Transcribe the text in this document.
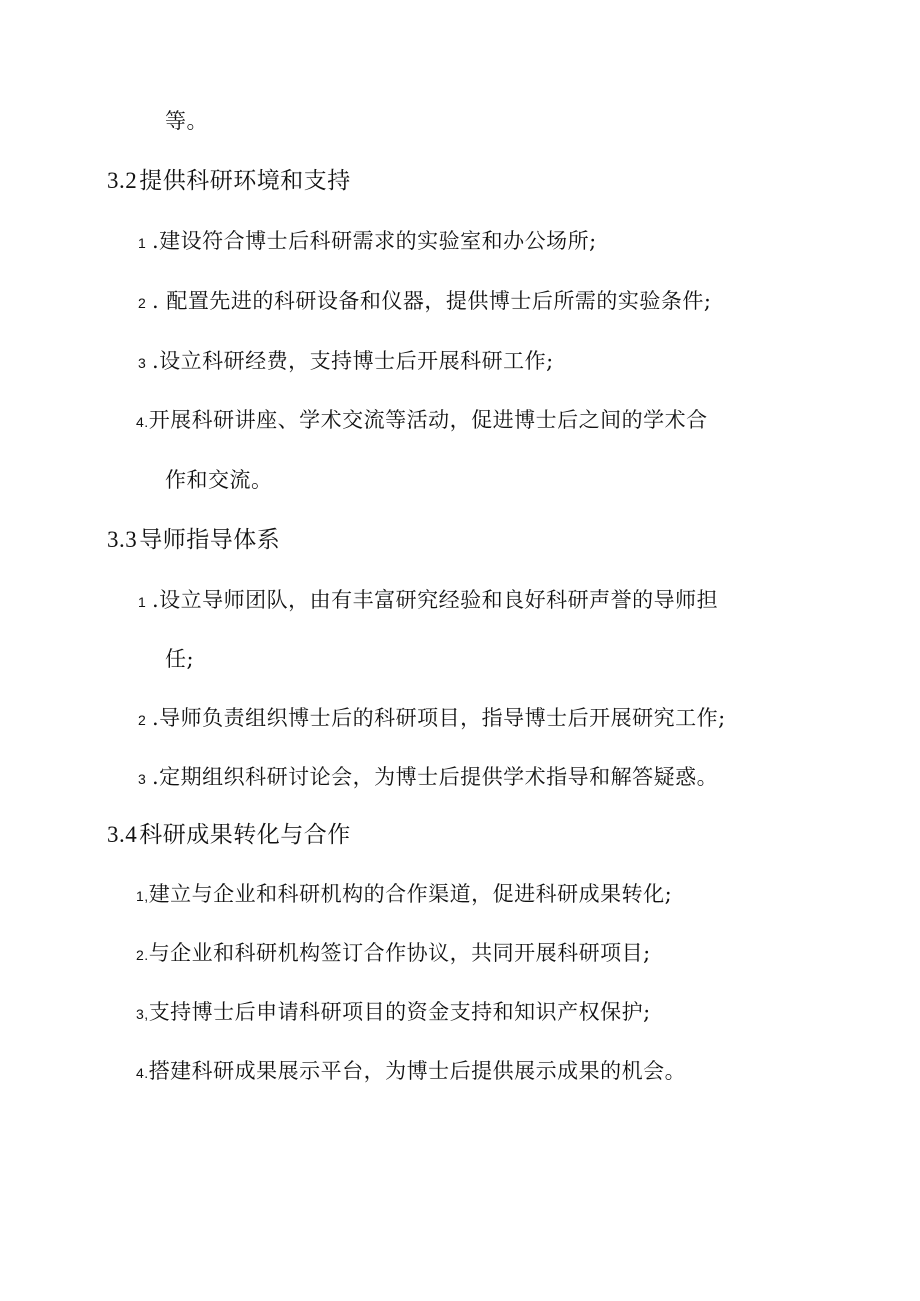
等。
3.2提供科研环境和支持
1 .建设符合博士后科研需求的实验室和办公场所;
2 . 配置先进的科研设备和仪器，提供博士后所需的实验条件;
3 .设立科研经费，支持博士后开展科研工作;
4.开展科研讲座、学术交流等活动，促进博士后之间的学术合
作和交流。
3.3导师指导体系
1 .设立导师团队，由有丰富研究经验和良好科研声誉的导师担
任;
2 .导师负责组织博士后的科研项目，指导博士后开展研究工作;
3 .定期组织科研讨论会，为博士后提供学术指导和解答疑惑。
3.4科研成果转化与合作
1,建立与企业和科研机构的合作渠道，促进科研成果转化;
2.与企业和科研机构签订合作协议，共同开展科研项目;
3,支持博士后申请科研项目的资金支持和知识产权保护;
4.搭建科研成果展示平台，为博士后提供展示成果的机会。
